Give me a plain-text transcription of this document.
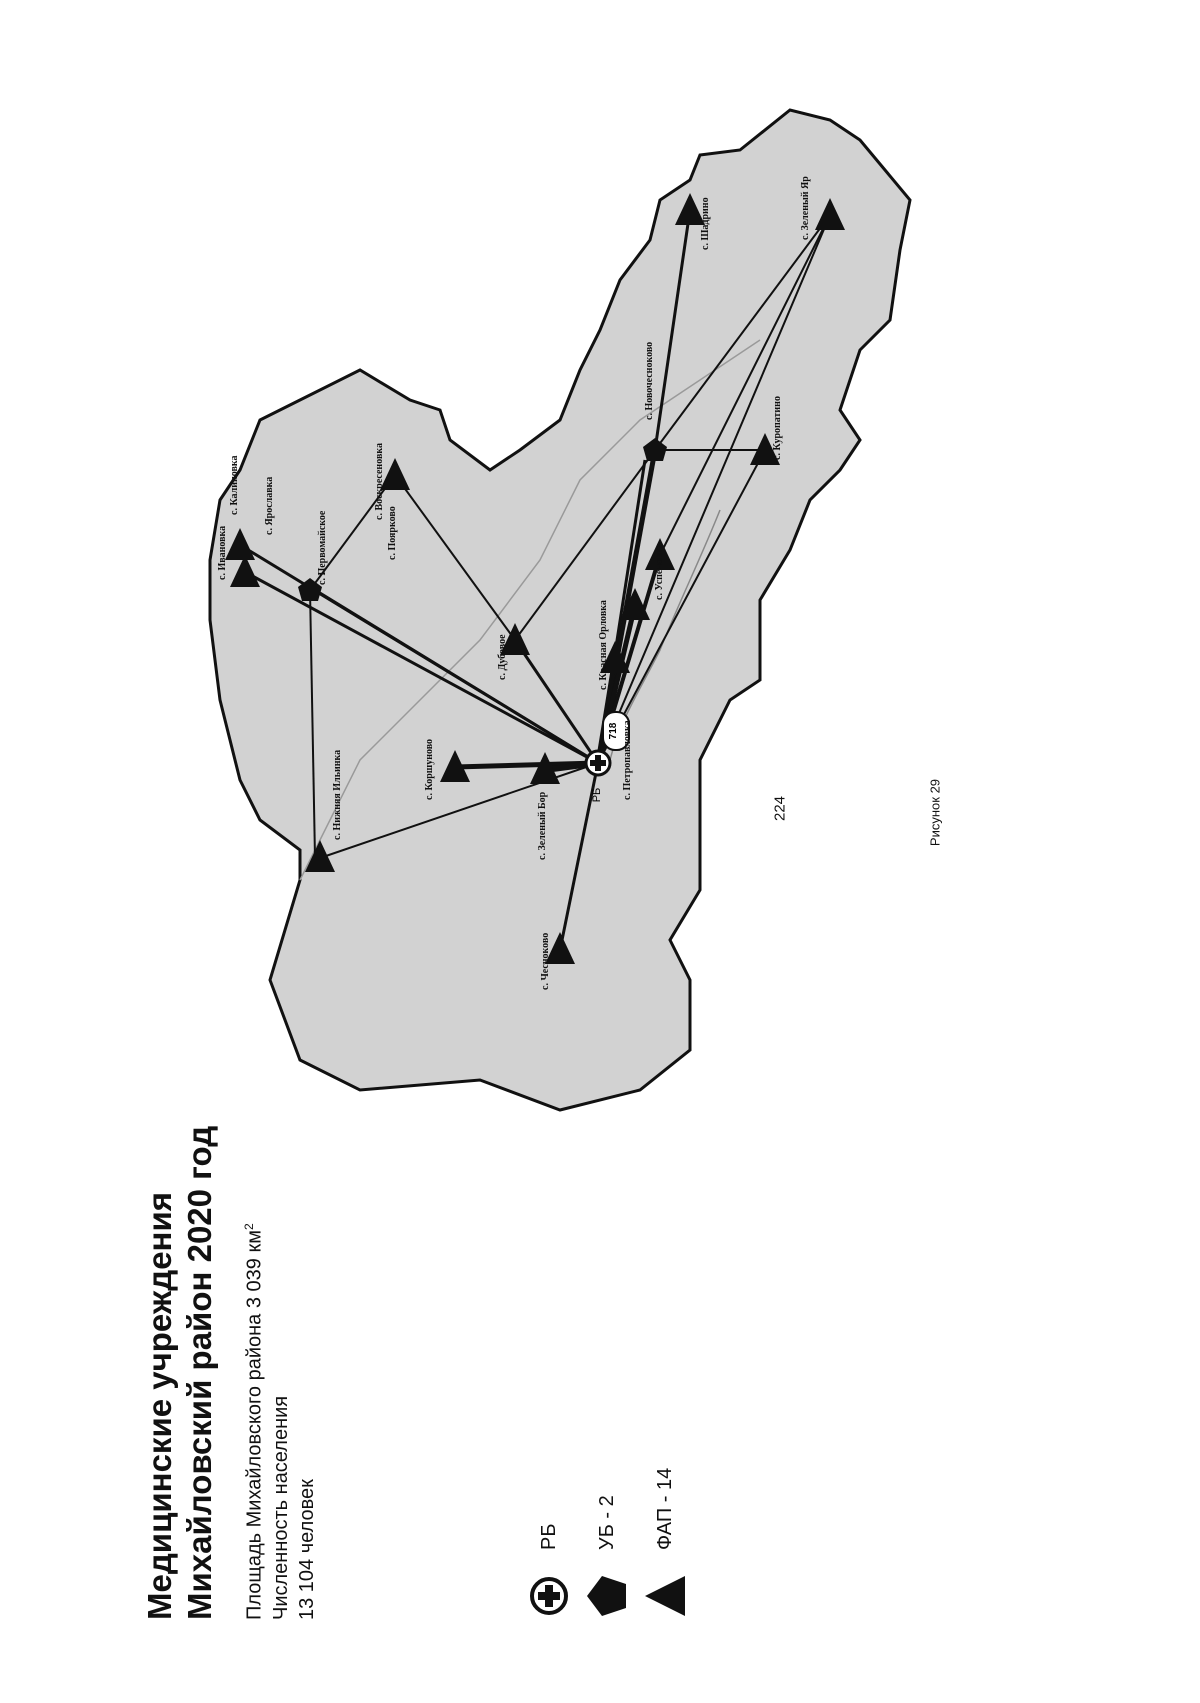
224
718
РБ
с. Нижняя Ильинка	с. Коршуново
с. Зеленый Бор
с. Чесноково
с. Ивановка
с. Ярославка
с. Первомайское	с. Поярково
с. Дубовое
с. Воскресеновка
с. Калиновка
с. Петропавловка
с. Красная Орловка
с. Новочесноково
с. Успеновка
с. Куропатино
с. Шадрино	с. Зеленый Яр
Медицинские учреждения Михайловский район 2020 год	Площадь Михайловского района 3 039 $км^2$
Численность населения 13 104 человек	РБ УБ - 2 ФАП - 14
Рисунок 29
